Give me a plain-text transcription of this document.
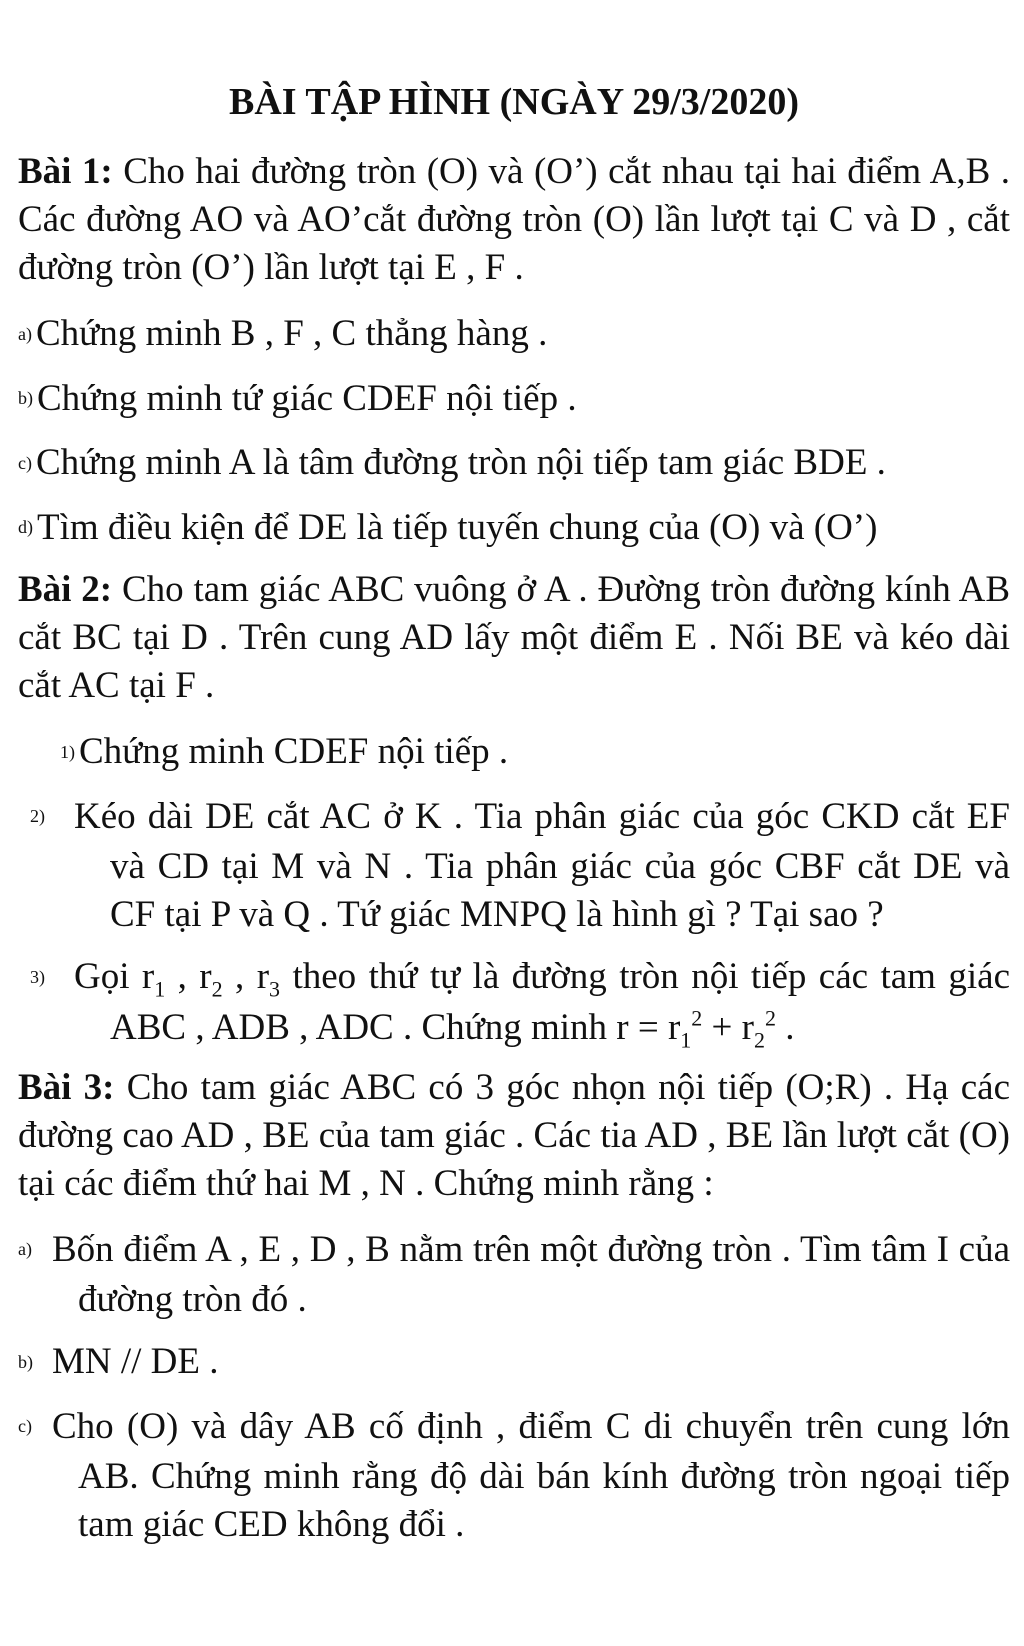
BÀI TẬP HÌNH (NGÀY 29/3/2020)

Bài 1: Cho hai đường tròn (O) và (O’) cắt nhau tại hai điểm A,B . Các đường AO và AO’cắt đường tròn (O) lần lượt tại C và D , cắt đường tròn (O’) lần lượt tại E , F .

a) Chứng minh B , F , C thẳng hàng .

b) Chứng minh tứ giác CDEF nội tiếp .

c) Chứng minh A là tâm đường tròn nội tiếp tam giác BDE .

d) Tìm điều kiện để DE là tiếp tuyến chung của (O) và (O’)

Bài 2: Cho tam giác ABC vuông ở A . Đường tròn đường kính AB cắt BC tại D . Trên cung AD lấy một điểm E . Nối BE và kéo dài cắt AC tại F .

1) Chứng minh CDEF nội tiếp .

2) Kéo dài DE cắt AC ở K . Tia phân giác của góc CKD cắt EF và CD tại M và N . Tia phân giác của góc CBF cắt DE và CF tại P và Q . Tứ giác MNPQ là hình gì ? Tại sao ?

3) Gọi $r_1$ , $r_2$ , $r_3$ theo thứ tự là đường tròn nội tiếp các tam giác ABC , ADB , ADC . Chứng minh $r = r_1^2 + r_2^2$ .

Bài 3: Cho tam giác ABC có 3 góc nhọn nội tiếp (O;R) . Hạ các đường cao AD , BE của tam giác . Các tia AD , BE lần lượt cắt (O) tại các điểm thứ hai M , N . Chứng minh rằng :

a) Bốn điểm A , E , D , B nằm trên một đường tròn . Tìm tâm I của đường tròn đó .

b) MN // DE .

c) Cho (O) và dây AB cố định , điểm C di chuyển trên cung lớn AB. Chứng minh rằng độ dài bán kính đường tròn ngoại tiếp tam giác CED không đổi .
